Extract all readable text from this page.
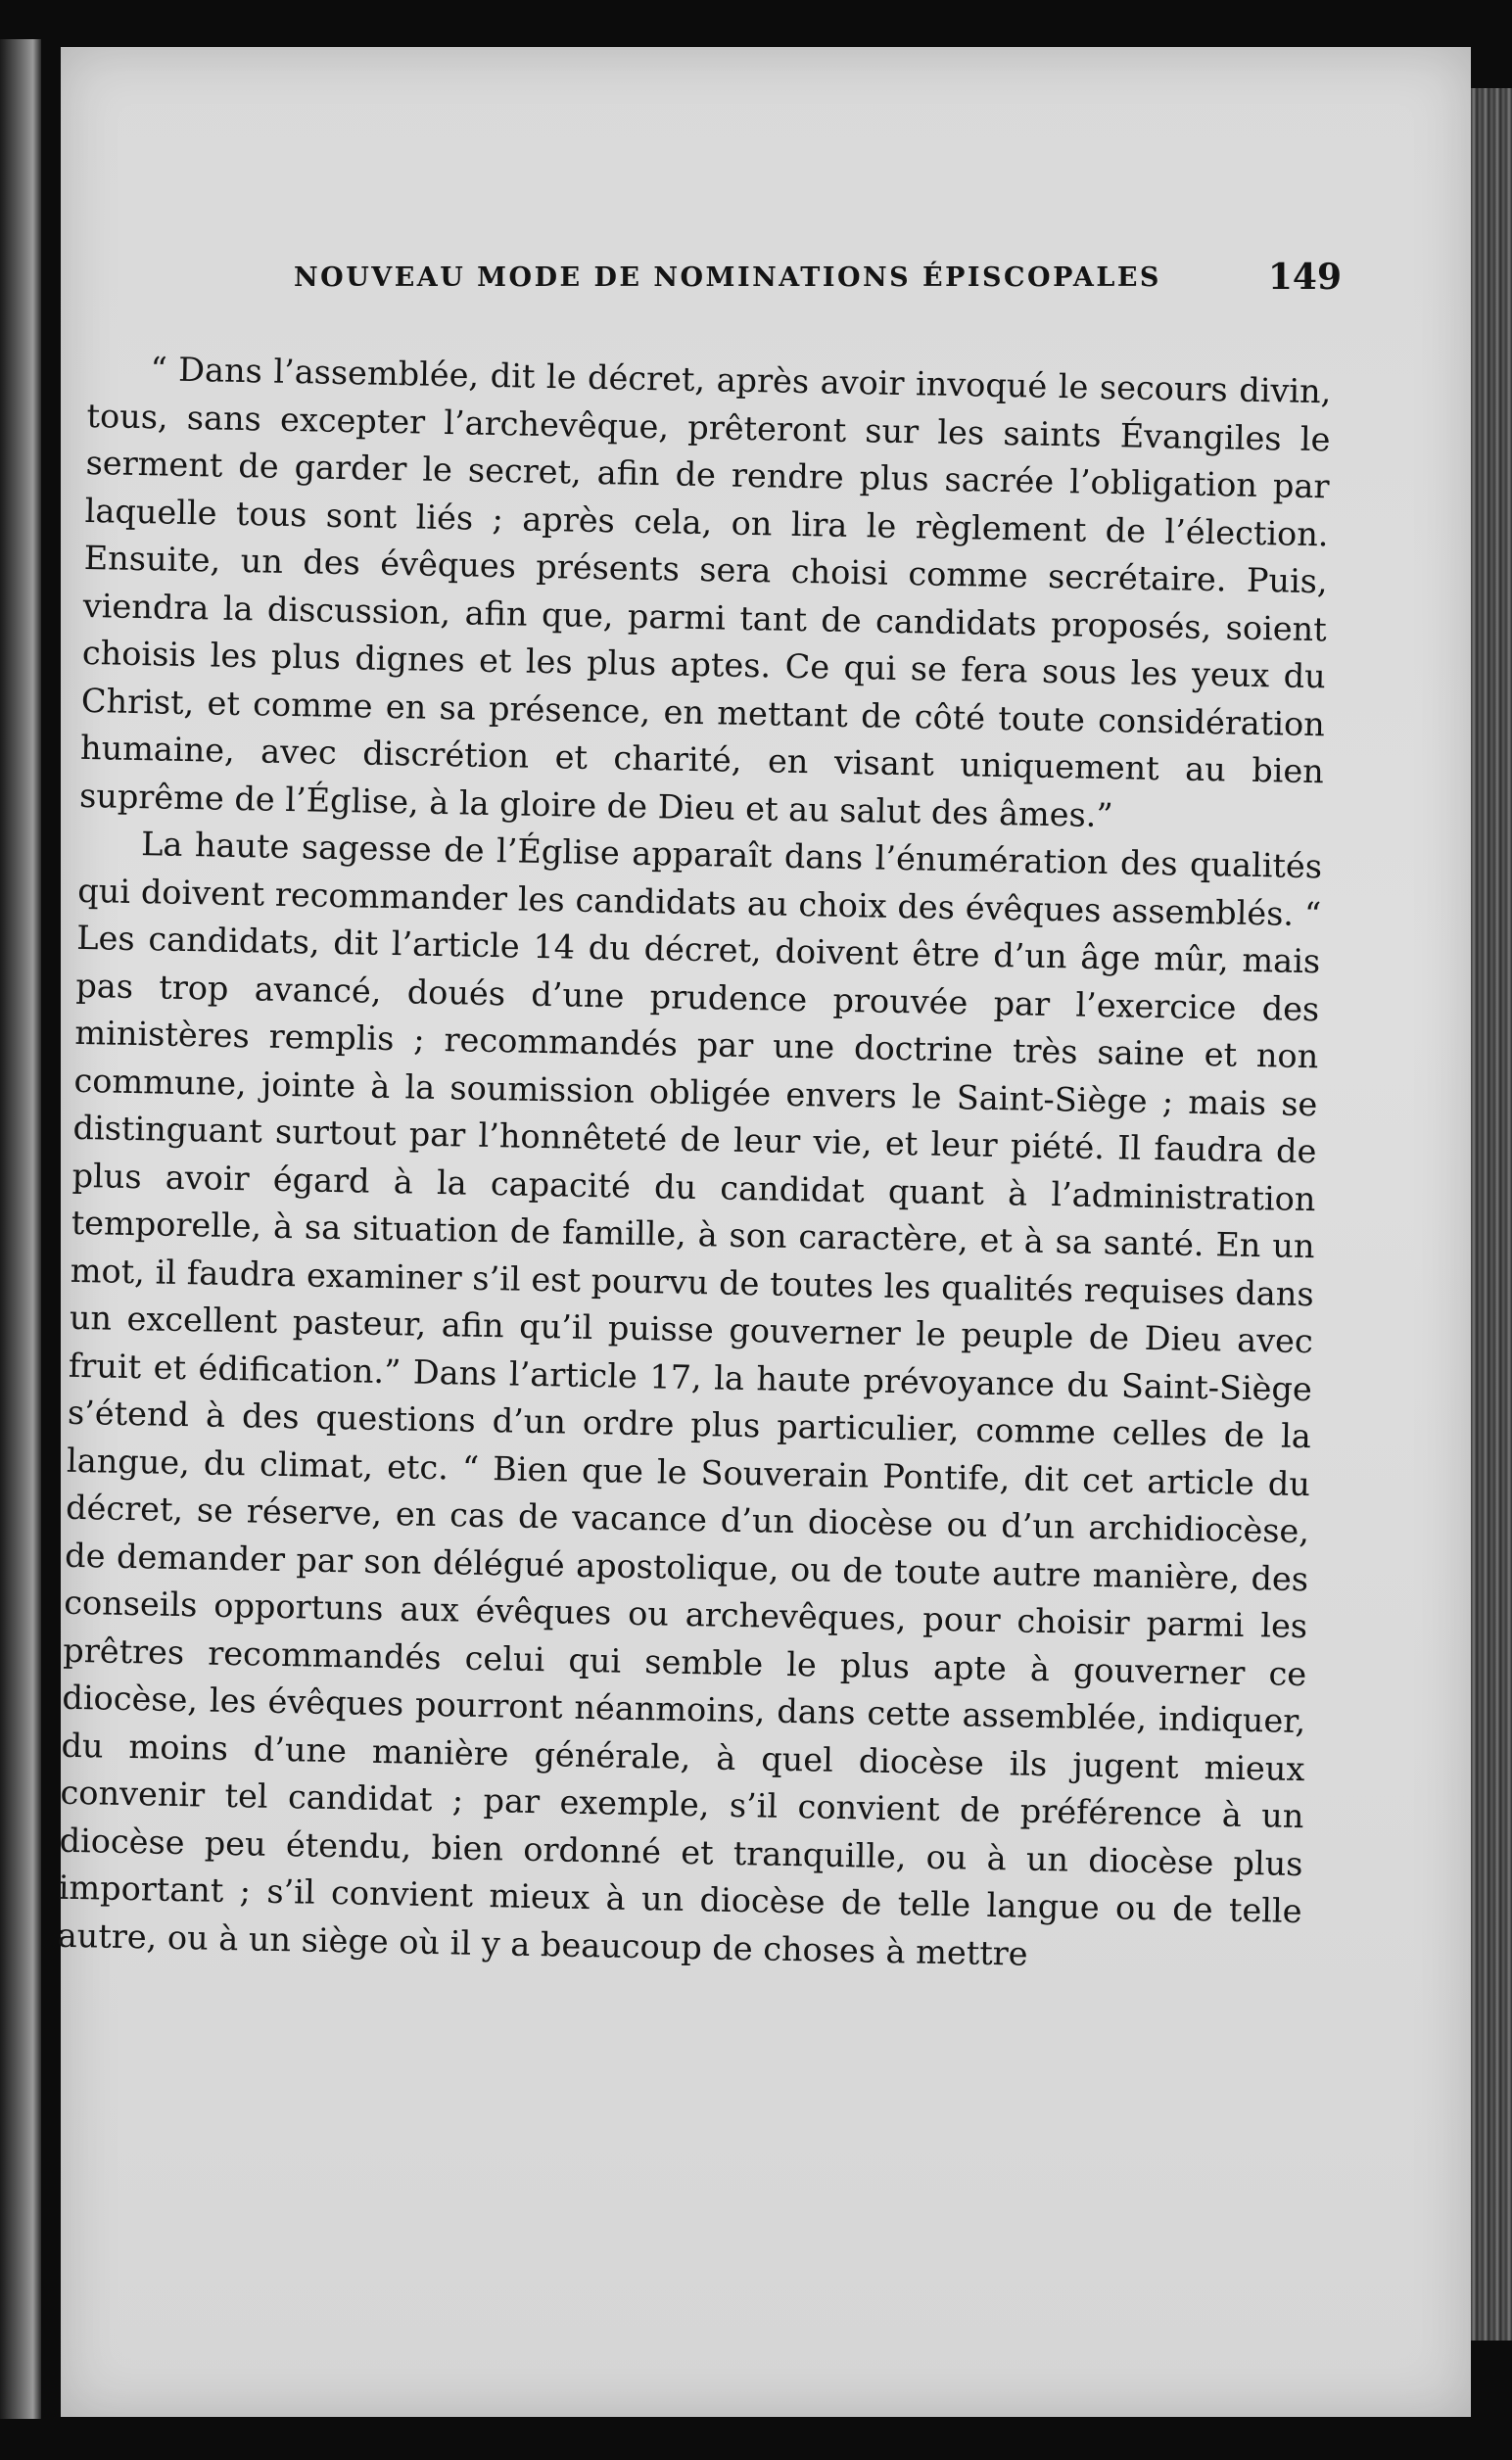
NOUVEAU MODE DE NOMINATIONS ÉPISCOPALES	149

“ Dans l’assemblée, dit le décret, après avoir invoqué le secours divin, tous, sans excepter l’archevêque, prêteront sur les saints Évangiles le serment de garder le secret, afin de rendre plus sacrée l’obligation par laquelle tous sont liés ; après cela, on lira le règlement de l’élection. Ensuite, un des évêques présents sera choisi comme secrétaire. Puis, viendra la discussion, afin que, parmi tant de candidats proposés, soient choisis les plus dignes et les plus aptes. Ce qui se fera sous les yeux du Christ, et comme en sa présence, en mettant de côté toute considération humaine, avec discrétion et charité, en visant uniquement au bien suprême de l’Église, à la gloire de Dieu et au salut des âmes.”

La haute sagesse de l’Église apparaît dans l’énumération des qualités qui doivent recommander les candidats au choix des évêques assemblés. “ Les candidats, dit l’article 14 du décret, doivent être d’un âge mûr, mais pas trop avancé, doués d’une prudence prouvée par l’exercice des ministères remplis ; recommandés par une doctrine très saine et non commune, jointe à la soumission obligée envers le Saint-Siège ; mais se distinguant surtout par l’honnêteté de leur vie, et leur piété. Il faudra de plus avoir égard à la capacité du candidat quant à l’administration temporelle, à sa situation de famille, à son caractère, et à sa santé. En un mot, il faudra examiner s’il est pourvu de toutes les qualités requises dans un excellent pasteur, afin qu’il puisse gouverner le peuple de Dieu avec fruit et édification.” Dans l’article 17, la haute prévoyance du Saint-Siège s’étend à des questions d’un ordre plus particulier, comme celles de la langue, du climat, etc. “ Bien que le Souverain Pontife, dit cet article du décret, se réserve, en cas de vacance d’un diocèse ou d’un archidiocèse, de demander par son délégué apostolique, ou de toute autre manière, des conseils opportuns aux évêques ou archevêques, pour choisir parmi les prêtres recommandés celui qui semble le plus apte à gouverner ce diocèse, les évêques pourront néanmoins, dans cette assemblée, indiquer, du moins d’une manière générale, à quel diocèse ils jugent mieux convenir tel candidat ; par exemple, s’il convient de préférence à un diocèse peu étendu, bien ordonné et tranquille, ou à un diocèse plus important ; s’il convient mieux à un diocèse de telle langue ou de telle autre, ou à un siège où il y a beaucoup de choses à mettre
